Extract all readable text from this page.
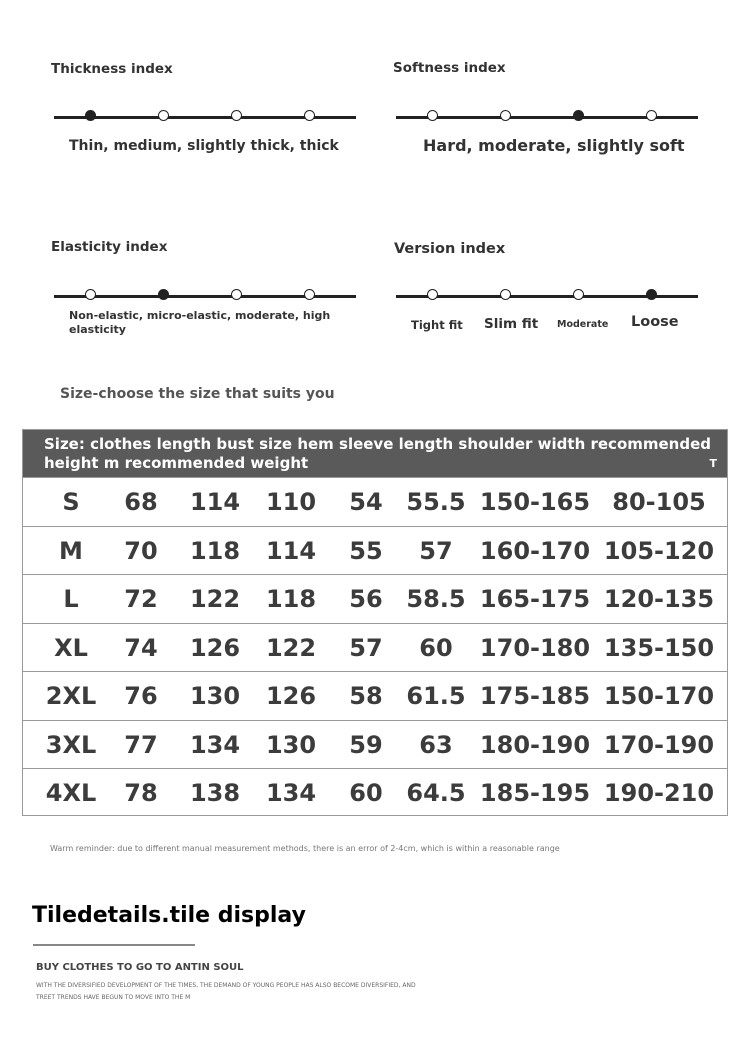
Thickness index
Thin, medium, slightly thick, thick
Softness index
Hard, moderate, slightly soft
Elasticity index
Non-elastic, micro-elastic, moderate, high elasticity
Version index
Tight fit Slim fit Moderate Loose
Size-choose the size that suits you
Size: clothes length bust size hem sleeve length shoulder width recommended height m recommended weight	T
S	68	114	110	54 55.5 150-165 80-105
M	70	118	114	55	57	160-170 105-120
L	72	122	118	56 58.5 165-175 120-135
XL	74	126	122	57	60	170-180 135-150
2XL	76	130	126	58 61.5 175-185 150-170
3XL	77	134	130	59	63	180-190 170-190
4XL	78	138	134	60 64.5 185-195 190-210
Warm reminder: due to different manual measurement methods, there is an error of 2-4cm, which is within a reasonable range
Tiledetails.tile display
BUY CLOTHES TO GO TO ANTIN SOUL
WITH THE DIVERSIFIED DEVELOPMENT OF THE TIMES, THE DEMAND OF YOUNG PEOPLE HAS ALSO BECOME DIVERSIFIED, AND
TREET TRENDS HAVE BEGUN TO MOVE INTO THE M
